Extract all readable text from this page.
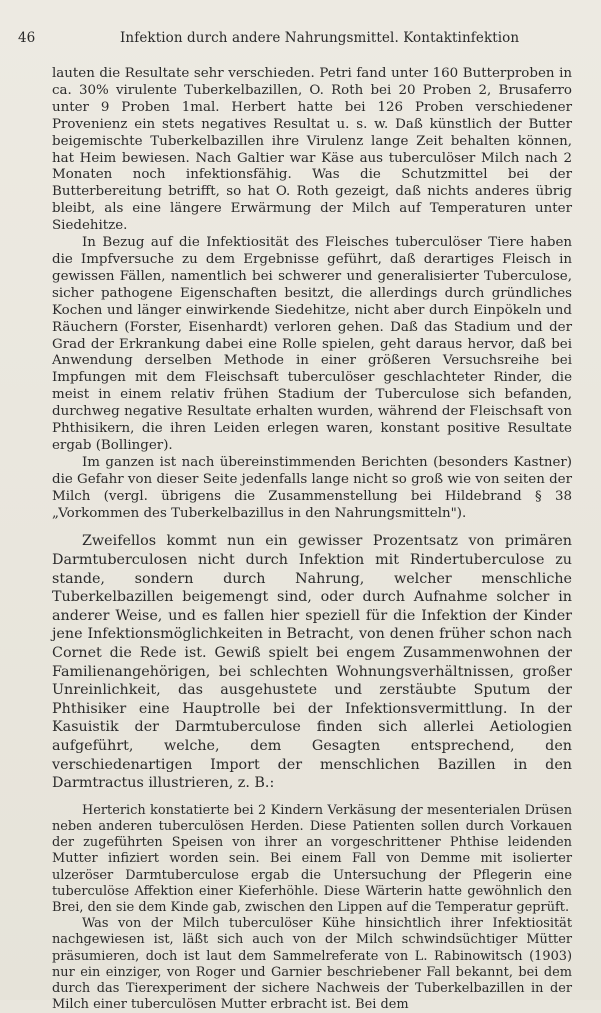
46	Infektion durch andere Nahrungsmittel. Kontaktinfektion

lauten die Resultate sehr verschieden. Petri fand unter 160 Butterproben in ca. 30% virulente Tuberkelbazillen, O. Roth bei 20 Proben 2, Brusaferro unter 9 Proben 1mal. Herbert hatte bei 126 Proben verschiedener Provenienz ein stets negatives Resultat u. s. w. Daß künstlich der Butter beigemischte Tuberkelbazillen ihre Virulenz lange Zeit behalten können, hat Heim bewiesen. Nach Galtier war Käse aus tuberculöser Milch nach 2 Monaten noch infektionsfähig. Was die Schutzmittel bei der Butterbereitung betrifft, so hat O. Roth gezeigt, daß nichts anderes übrig bleibt, als eine längere Erwärmung der Milch auf Temperaturen unter Siedehitze.

In Bezug auf die Infektiosität des Fleisches tuberculöser Tiere haben die Impfversuche zu dem Ergebnisse geführt, daß derartiges Fleisch in gewissen Fällen, namentlich bei schwerer und generalisierter Tuberculose, sicher pathogene Eigenschaften besitzt, die allerdings durch gründliches Kochen und länger einwirkende Siedehitze, nicht aber durch Einpökeln und Räuchern (Forster, Eisenhardt) verloren gehen. Daß das Stadium und der Grad der Erkrankung dabei eine Rolle spielen, geht daraus hervor, daß bei Anwendung derselben Methode in einer größeren Versuchsreihe bei Impfungen mit dem Fleischsaft tuberculöser geschlachteter Rinder, die meist in einem relativ frühen Stadium der Tuberculose sich befanden, durchweg negative Resultate erhalten wurden, während der Fleischsaft von Phthisikern, die ihren Leiden erlegen waren, konstant positive Resultate ergab (Bollinger).

Im ganzen ist nach übereinstimmenden Berichten (besonders Kastner) die Gefahr von dieser Seite jedenfalls lange nicht so groß wie von seiten der Milch (vergl. übrigens die Zusammenstellung bei Hildebrand § 38 „Vorkommen des Tuberkelbazillus in den Nahrungsmitteln").

Zweifellos kommt nun ein gewisser Prozentsatz von primären Darmtuberculosen nicht durch Infektion mit Rindertuberculose zu stande, sondern durch Nahrung, welcher menschliche Tuberkelbazillen beigemengt sind, oder durch Aufnahme solcher in anderer Weise, und es fallen hier speziell für die Infektion der Kinder jene Infektionsmöglichkeiten in Betracht, von denen früher schon nach Cornet die Rede ist. Gewiß spielt bei engem Zusammenwohnen der Familienangehörigen, bei schlechten Wohnungsverhältnissen, großer Unreinlichkeit, das ausgehustete und zerstäubte Sputum der Phthisiker eine Hauptrolle bei der Infektionsvermittlung. In der Kasuistik der Darmtuberculose finden sich allerlei Aetiologien aufgeführt, welche, dem Gesagten entsprechend, den verschiedenartigen Import der menschlichen Bazillen in den Darmtractus illustrieren, z. B.:

Herterich konstatierte bei 2 Kindern Verkäsung der mesenterialen Drüsen neben anderen tuberculösen Herden. Diese Patienten sollen durch Vorkauen der zugeführten Speisen von ihrer an vorgeschrittener Phthise leidenden Mutter infiziert worden sein. Bei einem Fall von Demme mit isolierter ulzeröser Darmtuberculose ergab die Untersuchung der Pflegerin eine tuberculöse Affektion einer Kieferhöhle. Diese Wärterin hatte gewöhnlich den Brei, den sie dem Kinde gab, zwischen den Lippen auf die Temperatur geprüft.

Was von der Milch tuberculöser Kühe hinsichtlich ihrer Infektiosität nachgewiesen ist, läßt sich auch von der Milch schwindsüchtiger Mütter präsumieren, doch ist laut dem Sammelreferate von L. Rabinowitsch (1903) nur ein einziger, von Roger und Garnier beschriebener Fall bekannt, bei dem durch das Tierexperiment der sichere Nachweis der Tuberkelbazillen in der Milch einer tuberculösen Mutter erbracht ist. Bei dem
